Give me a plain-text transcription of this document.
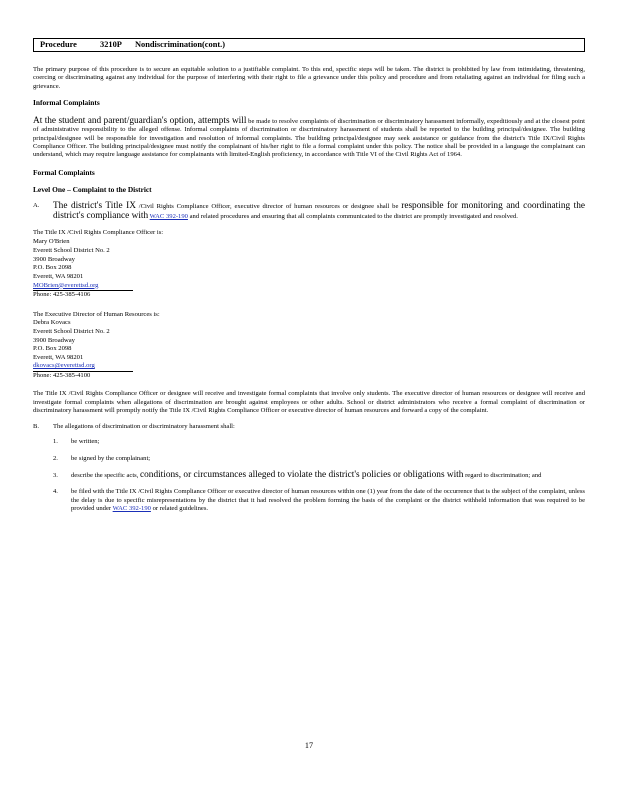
Procedure	3210P Nondiscrimination(cont.)

The primary purpose of this procedure is to secure an equitable solution to a justifiable complaint. To this end, specific steps will be taken. The district is prohibited by law from intimidating, threatening, coercing or discriminating against any individual for the purpose of interfering with their right to file a grievance under this policy and procedure and from retaliating against an individual for filing such a grievance.

Informal Complaints

At the student and parent/guardian's option, attempts will be made to resolve complaints of discrimination or discriminatory harassment informally, expeditiously and at the closest point of administrative responsibility to the alleged offense. Informal complaints of discrimination or discriminatory harassment of students shall be reported to the building principal/designee. The building principal/designee will be responsible for investigation and resolution of informal complaints. The building principal/designee may seek assistance or guidance from the district's Title IX/Civil Rights Compliance Officer. The building principal/designee must notify the complainant of his/her right to file a formal complaint under this policy. The notice shall be provided in a language the complainant can understand, which may require language assistance for complainants with limited-English proficiency, in accordance with Title VI of the Civil Rights Act of 1964.

Formal Complaints

Level One – Complaint to the District

A. The district's Title IX /Civil Rights Compliance Officer, executive director of human resources or designee shall be responsible for monitoring and coordinating the district's compliance with WAC 392-190 and related procedures and ensuring that all complaints communicated to the district are promptly investigated and resolved.

The Title IX /Civil Rights Compliance Officer is:

Mary O'Brien

Everett School District No. 2

3900 Broadway

P.O. Box 2098

Everett, WA 98201

MOBrien@everettsd.org

Phone: 425-385-4106

The Executive Director of Human Resources is:

Debra Kovacs

Everett School District No. 2

3900 Broadway

P.O. Box 2098

Everett, WA 98201

dkovacs@everettsd.org

Phone: 425-385-4100

The Title IX /Civil Rights Compliance Officer or designee will receive and investigate formal complaints that involve only students. The executive director of human resources or designee will receive and investigate formal complaints when allegations of discrimination are brought against employees or other adults. School or district administrators who receive a formal complaint of discrimination or discriminatory harassment will promptly notify the Title IX /Civil Rights Compliance Officer or executive director of human resources and forward a copy of the complaint.

B. The allegations of discrimination or discriminatory harassment shall:

1. be written;

2. be signed by the complainant;

3. describe the specific acts, conditions, or circumstances alleged to violate the district's policies or obligations with regard to discrimination; and

4. be filed with the Title IX /Civil Rights Compliance Officer or executive director of human resources within one (1) year from the date of the occurrence that is the subject of the complaint, unless the delay is due to specific misrepresentations by the district that it had resolved the problem forming the basis of the complaint or the district withheld information that was required to be provided under WAC 392-190 or related guidelines.

17
